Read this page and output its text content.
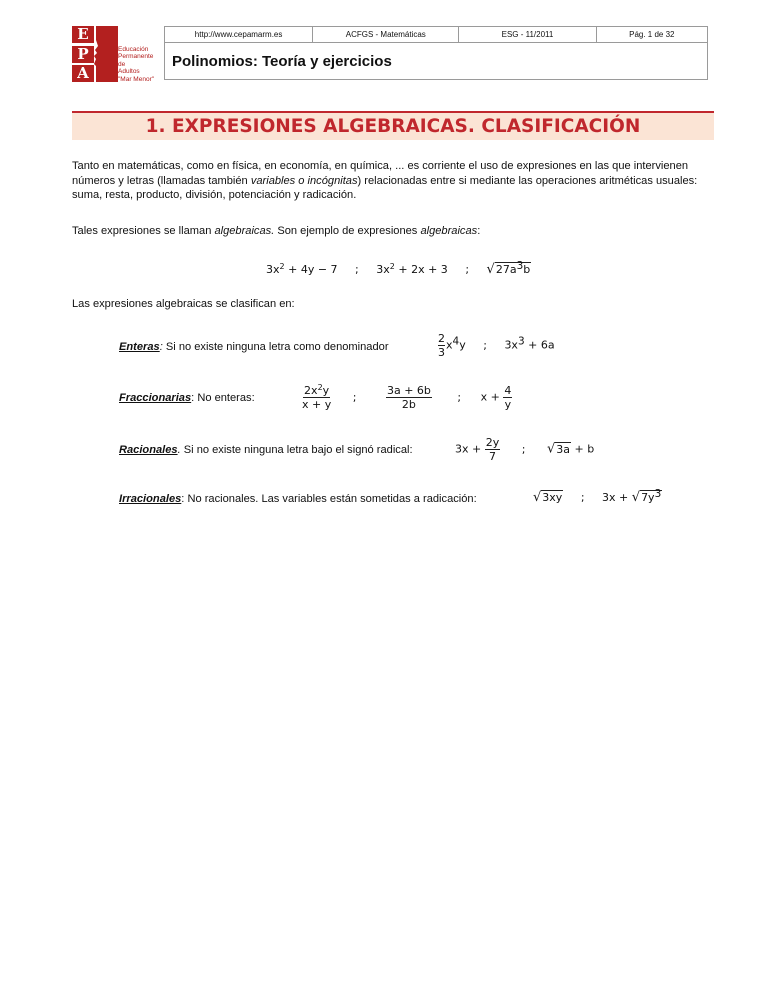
E
P
A
Educación
Permanente
de
Adultos
"Mar Menor"
http://www.cepamarm.es	ACFGS - Matemáticas	ESG - 11/2011	Pág. 1 de 32
Polinomios: Teoría y ejercicios
1. EXPRESIONES ALGEBRAICAS. CLASIFICACIÓN
Tanto en matemáticas, como en física, en economía, en química, ... es corriente el uso de expresiones en las que intervienen números y letras (llamadas también variables o incógnitas) relacionadas entre si mediante las operaciones aritméticas usuales: suma, resta, producto, división, potenciación y radicación.
Tales expresiones se llaman algebraicas. Son ejemplo de expresiones algebraicas:
$3x^2 + 4y - 7$ ; $3x^2 + 2x + 3$ ; √27a3b
Las expresiones algebraicas se clasifican en:
Enteras: Si no existe ninguna letra como denominador	$\frac{2}{3} x4y$ ; 3x3 + 6a
Fraccionarias: No enteras:	$\frac{2x^2y}{x + y}$ ;	$\frac{3a + 6b}{2b}$ ; $x + \frac{4}{y}$
Racionales. Si no existe ninguna letra bajo el signó radical:	$3x + \frac{2y}{7}$ ; √3a + b
Irracionales: No racionales. Las variables están sometidas a radicación:	√3xy ; 3x + √7y3
